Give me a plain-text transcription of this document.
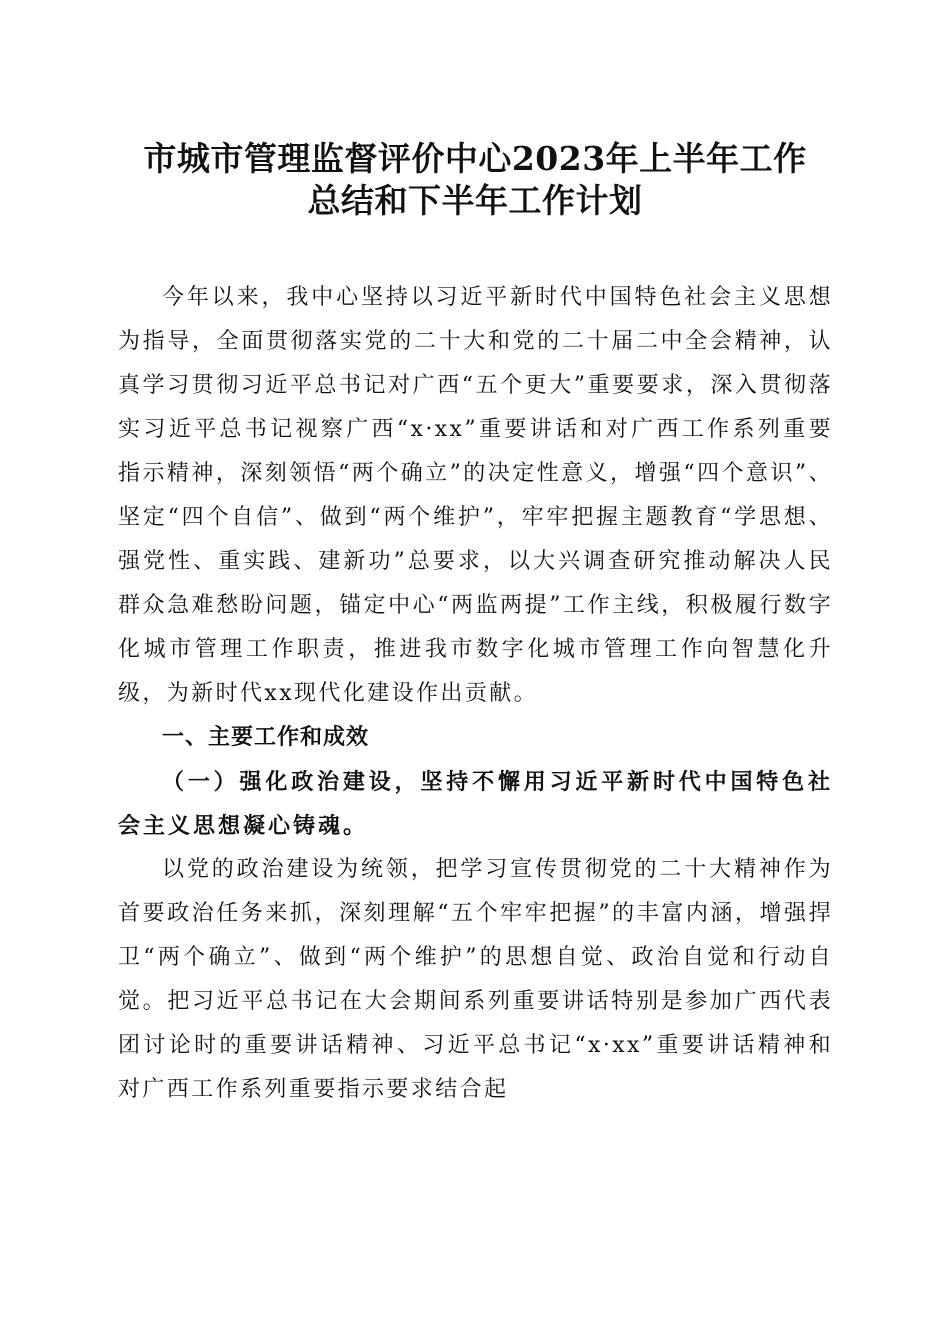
市城市管理监督评价中心2023年上半年工作
总结和下半年工作计划

今年以来，我中心坚持以习近平新时代中国特色社会主义思想为指导，全面贯彻落实党的二十大和党的二十届二中全会精神，认真学习贯彻习近平总书记对广西“五个更大”重要要求，深入贯彻落实习近平总书记视察广西“x·xx”重要讲话和对广西工作系列重要指示精神，深刻领悟“两个确立”的决定性意义，增强“四个意识”、坚定“四个自信”、做到“两个维护”，牢牢把握主题教育“学思想、强党性、重实践、建新功”总要求，以大兴调查研究推动解决人民群众急难愁盼问题，锚定中心“两监两提”工作主线，积极履行数字化城市管理工作职责，推进我市数字化城市管理工作向智慧化升级，为新时代xx现代化建设作出贡献。

一、主要工作和成效

（一）强化政治建设，坚持不懈用习近平新时代中国特色社会主义思想凝心铸魂。

以党的政治建设为统领，把学习宣传贯彻党的二十大精神作为首要政治任务来抓，深刻理解“五个牢牢把握”的丰富内涵，增强捍卫“两个确立”、做到“两个维护”的思想自觉、政治自觉和行动自觉。把习近平总书记在大会期间系列重要讲话特别是参加广西代表团讨论时的重要讲话精神、习近平总书记“x·xx”重要讲话精神和对广西工作系列重要指示要求结合起
